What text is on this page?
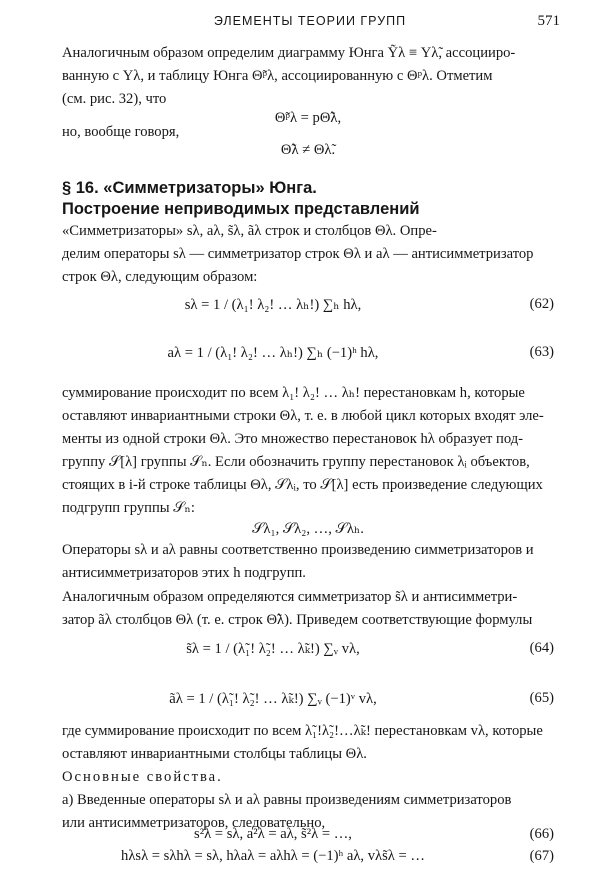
ЭЛЕМЕНТЫ ТЕОРИИ ГРУПП	571
Аналогичным образом определим диаграмму Юнга Ỹλ ≡ Yλ̃, ассоцииро-
ванную с Yλ, и таблицу Юнга Θ̃ᵖλ, ассоциированную с Θᵖλ. Отметим
(см. рис. 32), что
Θ̃ᵖλ = pΘ̃λ,
но, вообще говоря,
Θ̃λ ≠ Θλ̃.
§ 16. «Симметризаторы» Юнга.
Построение неприводимых представлений
«Симметризаторы» sλ, aλ, s̃λ, ãλ строк и столбцов Θλ. Опре-
делим операторы sλ — симметризатор строк Θλ и aλ — антисимметризатор
строк Θλ, следующим образом:
sλ = 1 / (λ₁! λ₂! … λₕ!) ∑ₕ hλ,	(62)
aλ = 1 / (λ₁! λ₂! … λₕ!) ∑ₕ (−1)ʰ hλ,	(63)
суммирование происходит по всем λ₁! λ₂! … λₕ! перестановкам h, которые
оставляют инвариантными строки Θλ, т. е. в любой цикл которых входят эле-
менты из одной строки Θλ. Это множество перестановок hλ образует под-
группу 𝒮[λ] группы 𝒮ₙ. Если обозначить группу перестановок λᵢ объектов,
стоящих в i-й строке таблицы Θλ, 𝒮λᵢ, то 𝒮[λ] есть произведение следующих
подгрупп группы 𝒮ₙ:
𝒮λ₁, 𝒮λ₂, …, 𝒮λₕ.
Операторы sλ и aλ равны соответственно произведению симметризаторов и
антисимметризаторов этих h подгрупп.
Аналогичным образом определяются симметризатор s̃λ и антисимметри-
затор ãλ столбцов Θλ (т. е. строк Θ̃λ). Приведем соответствующие формулы
s̃λ = 1 / (λ̃₁! λ̃₂! … λ̃ₖ!) ∑ᵥ vλ,	(64)
ãλ = 1 / (λ̃₁! λ̃₂! … λ̃ₖ!) ∑ᵥ (−1)ᵛ vλ,	(65)
где суммирование происходит по всем λ̃₁!λ̃₂!…λ̃ₖ! перестановкам vλ, которые
оставляют инвариантными столбцы таблицы Θλ.
Основные свойства.
а) Введенные операторы sλ и aλ равны произведениям симметризаторов
или антисимметризаторов, следовательно,
s²λ = sλ, a²λ = aλ, s̃²λ = …,	(66)
hλsλ = sλhλ = sλ, hλaλ = aλhλ = (−1)ʰ aλ, vλs̃λ = …	(67)
